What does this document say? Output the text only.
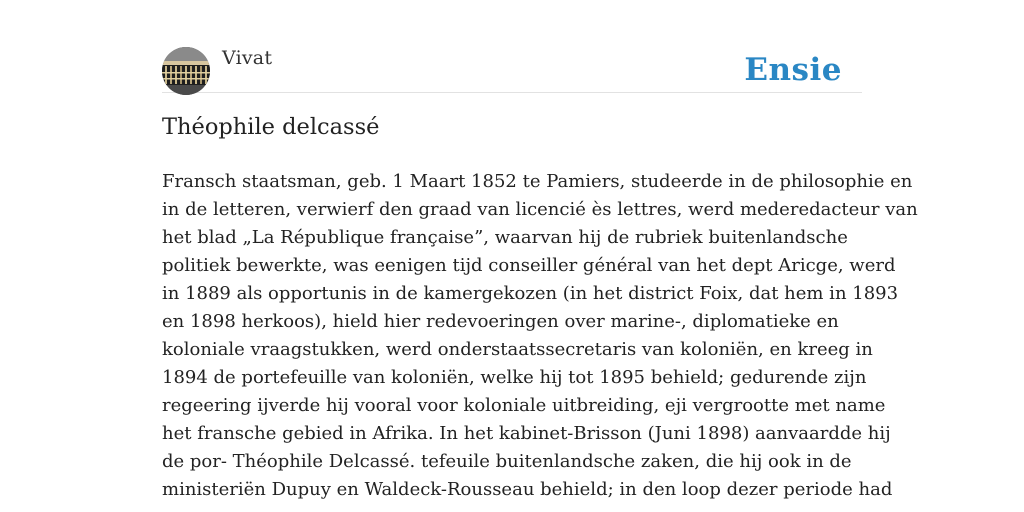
Vivat	Ensie
Théophile delcassé

Fransch staatsman, geb. 1 Maart 1852 te Pamiers, studeerde in de philosophie en
in de letteren, verwierf den graad van licencié ès lettres, werd mederedacteur van
het blad „La République française”, waarvan hij de rubriek buitenlandsche
politiek bewerkte, was eenigen tijd conseiller général van het dept Aricge, werd
in 1889 als opportunis in de kamergekozen (in het district Foix, dat hem in 1893
en 1898 herkoos), hield hier redevoeringen over marine-, diplomatieke en
koloniale vraagstukken, werd onderstaatssecretaris van koloniën, en kreeg in
1894 de portefeuille van koloniën, welke hij tot 1895 behield; gedurende zijn
regeering ijverde hij vooral voor koloniale uitbreiding, eji vergrootte met name
het fransche gebied in Afrika. In het kabinet-Brisson (Juni 1898) aanvaardde hij
de por- Théophile Delcassé. tefeuile buitenlandsche zaken, die hij ook in de
ministeriën Dupuy en Waldeck-Rousseau behield; in den loop dezer periode had
